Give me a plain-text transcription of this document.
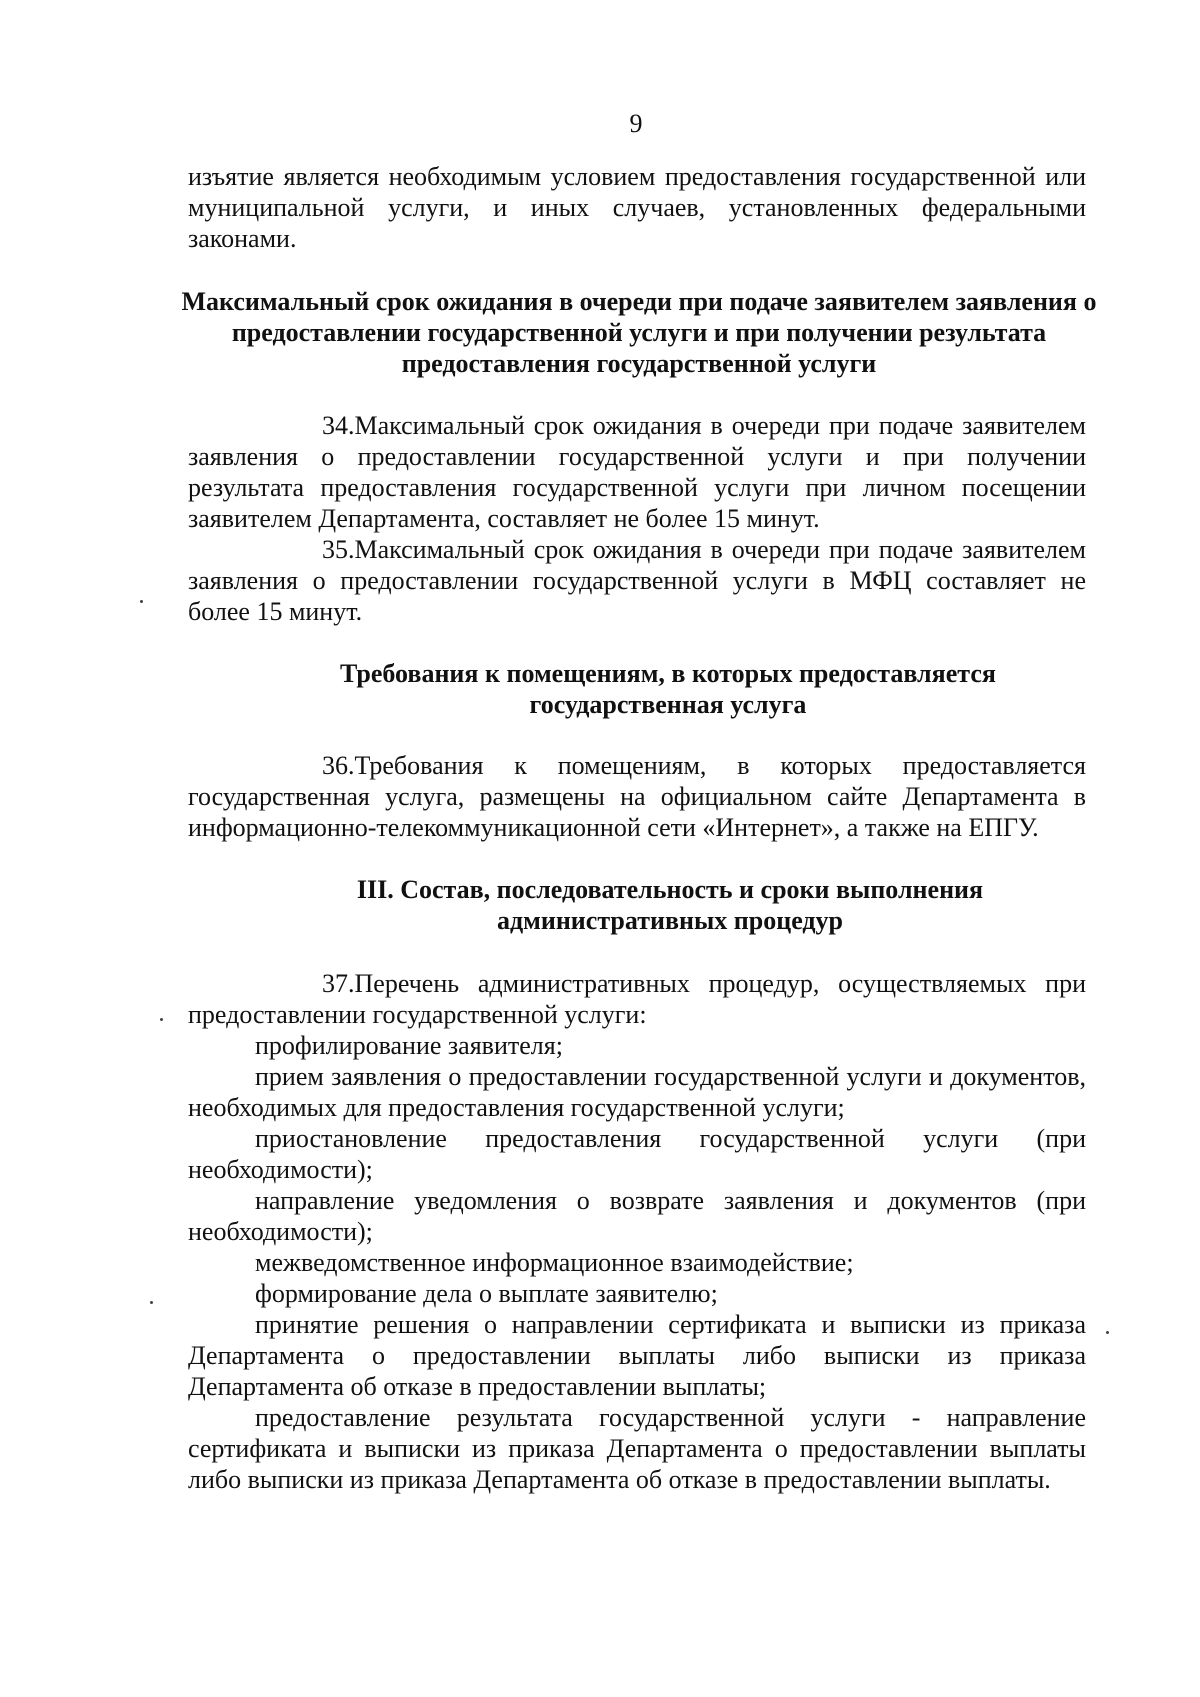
9

изъятие является необходимым условием предоставления государственной или муниципальной услуги, и иных случаев, установленных федеральными законами.

Максимальный срок ожидания в очереди при подаче заявителем заявления о предоставлении государственной услуги и при получении результата предоставления государственной услуги

34.Максимальный срок ожидания в очереди при подаче заявителем заявления о предоставлении государственной услуги и при получении результата предоставления государственной услуги при личном посещении заявителем Департамента, составляет не более 15 минут.

35.Максимальный срок ожидания в очереди при подаче заявителем заявления о предоставлении государственной услуги в МФЦ составляет не более 15 минут.

Требования к помещениям, в которых предоставляется государственная услуга

36.Требования к помещениям, в которых предоставляется государственная услуга, размещены на официальном сайте Департамента в информационно-телекоммуникационной сети «Интернет», а также на ЕПГУ.

III. Состав, последовательность и сроки выполнения административных процедур

37.Перечень административных процедур, осуществляемых при предоставлении государственной услуги:

профилирование заявителя;

прием заявления о предоставлении государственной услуги и документов, необходимых для предоставления государственной услуги;

приостановление предоставления государственной услуги (при необходимости);

направление уведомления о возврате заявления и документов (при необходимости);

межведомственное информационное взаимодействие;

формирование дела о выплате заявителю;

принятие решения о направлении сертификата и выписки из приказа Департамента о предоставлении выплаты либо выписки из приказа Департамента об отказе в предоставлении выплаты;

предоставление результата государственной услуги - направление сертификата и выписки из приказа Департамента о предоставлении выплаты либо выписки из приказа Департамента об отказе в предоставлении выплаты.
